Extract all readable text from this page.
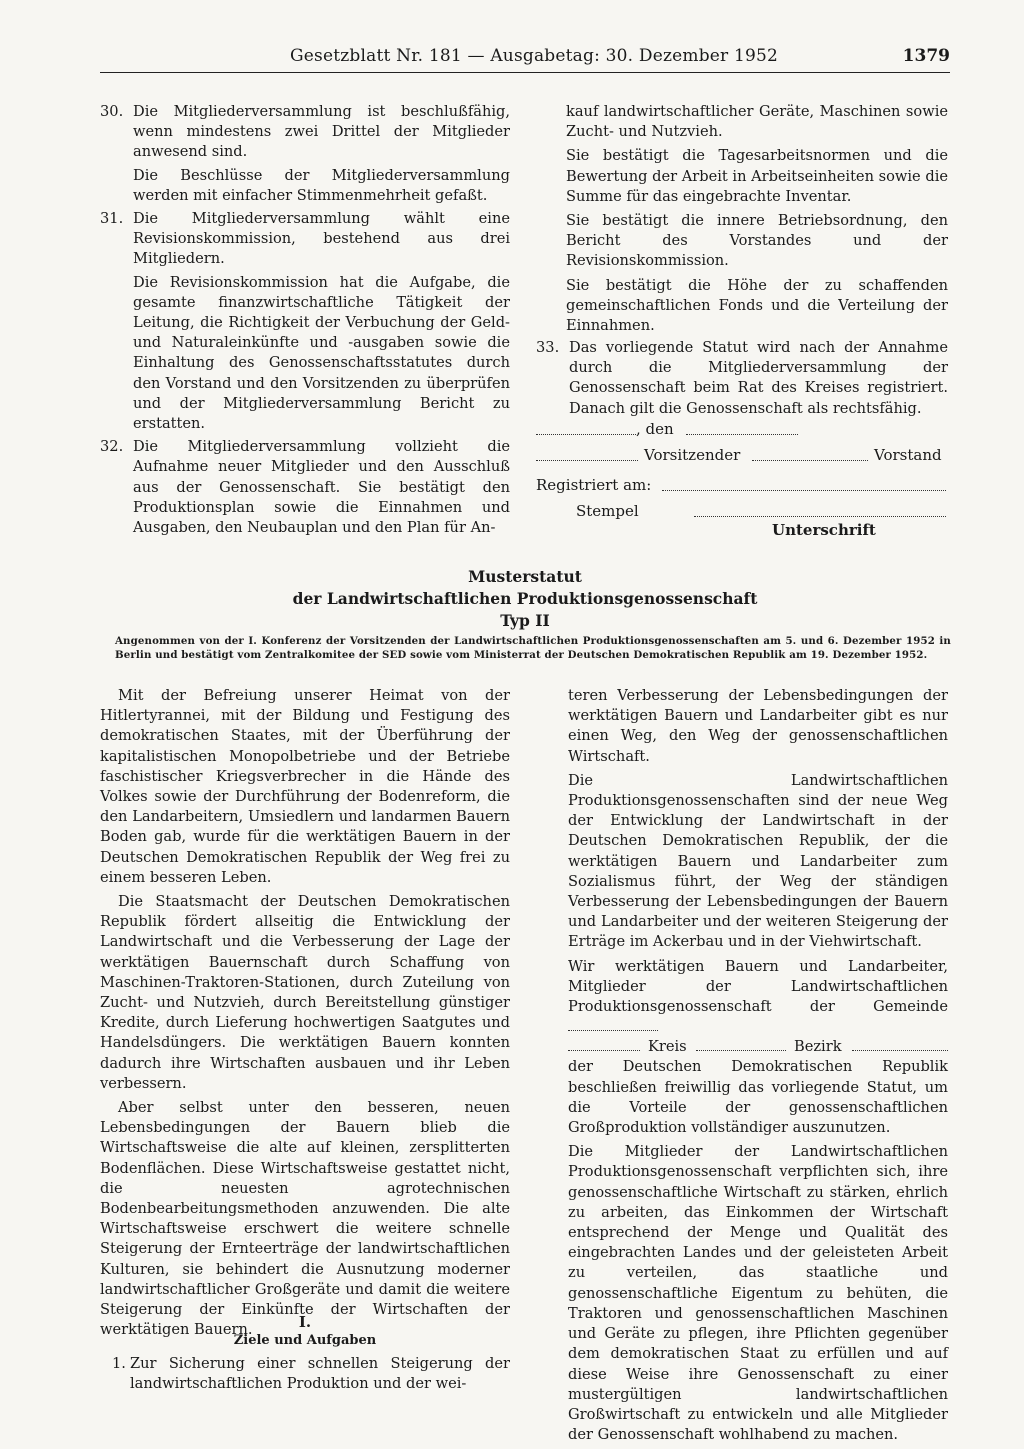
Gesetzblatt Nr. 181 — Ausgabetag: 30. Dezember 1952	1379
30. Die Mitgliederversammlung ist beschlußfähig, wenn mindestens zwei Drittel der Mitglieder anwesend sind.

Die Beschlüsse der Mitgliederversammlung werden mit einfacher Stimmenmehrheit gefaßt.

31. Die Mitgliederversammlung wählt eine Revisionskommission, bestehend aus drei Mitgliedern.

Die Revisionskommission hat die Aufgabe, die gesamte finanzwirtschaftliche Tätigkeit der Leitung, die Richtigkeit der Verbuchung der Geld- und Naturaleinkünfte und -ausgaben sowie die Einhaltung des Genossenschaftsstatutes durch den Vorstand und den Vorsitzenden zu überprüfen und der Mitgliederversammlung Bericht zu erstatten.

32. Die Mitgliederversammlung vollzieht die Aufnahme neuer Mitglieder und den Ausschluß aus der Genossenschaft. Sie bestätigt den Produktionsplan sowie die Einnahmen und Ausgaben, den Neubauplan und den Plan für An-

kauf landwirtschaftlicher Geräte, Maschinen sowie Zucht- und Nutzvieh.

Sie bestätigt die Tagesarbeitsnormen und die Bewertung der Arbeit in Arbeitseinheiten sowie die Summe für das eingebrachte Inventar.

Sie bestätigt die innere Betriebsordnung, den Bericht des Vorstandes und der Revisionskommission.

Sie bestätigt die Höhe der zu schaffenden gemeinschaftlichen Fonds und die Verteilung der Einnahmen.

33. Das vorliegende Statut wird nach der Annahme durch die Mitgliederversammlung der Genossenschaft beim Rat des Kreises registriert. Danach gilt die Genossenschaft als rechtsfähig.

, den
Vorsitzender	Vorstand
Registriert am:
Stempel
Unterschrift
Musterstatut
der Landwirtschaftlichen Produktionsgenossenschaft
Typ II
Angenommen von der I. Konferenz der Vorsitzenden der Landwirtschaftlichen Produktionsgenossenschaften am 5. und 6. Dezember 1952 in Berlin und bestätigt vom Zentralkomitee der SED sowie vom Ministerrat der Deutschen Demokratischen Republik am 19. Dezember 1952.

Mit der Befreiung unserer Heimat von der Hitlertyrannei, mit der Bildung und Festigung des demokratischen Staates, mit der Überführung der kapitalistischen Monopolbetriebe und der Betriebe faschistischer Kriegsverbrecher in die Hände des Volkes sowie der Durchführung der Bodenreform, die den Landarbeitern, Umsiedlern und landarmen Bauern Boden gab, wurde für die werktätigen Bauern in der Deutschen Demokratischen Republik der Weg frei zu einem besseren Leben.

Die Staatsmacht der Deutschen Demokratischen Republik fördert allseitig die Entwicklung der Landwirtschaft und die Verbesserung der Lage der werktätigen Bauernschaft durch Schaffung von Maschinen-Traktoren-Stationen, durch Zuteilung von Zucht- und Nutzvieh, durch Bereitstellung günstiger Kredite, durch Lieferung hochwertigen Saatgutes und Handelsdüngers. Die werktätigen Bauern konnten dadurch ihre Wirtschaften ausbauen und ihr Leben verbessern.

Aber selbst unter den besseren, neuen Lebensbedingungen der Bauern blieb die Wirtschaftsweise die alte auf kleinen, zersplitterten Bodenflächen. Diese Wirtschaftsweise gestattet nicht, die neuesten agrotechnischen Bodenbearbeitungsmethoden anzuwenden. Die alte Wirtschaftsweise erschwert die weitere schnelle Steigerung der Ernteerträge der landwirtschaftlichen Kulturen, sie behindert die Ausnutzung moderner landwirtschaftlicher Großgeräte und damit die weitere Steigerung der Einkünfte der Wirtschaften der werktätigen Bauern.	I.
Ziele und Aufgaben
1. Zur Sicherung einer schnellen Steigerung der landwirtschaftlichen Produktion und der wei-

teren Verbesserung der Lebensbedingungen der werktätigen Bauern und Landarbeiter gibt es nur einen Weg, den Weg der genossenschaftlichen Wirtschaft.

Die Landwirtschaftlichen Produktionsgenossenschaften sind der neue Weg der Entwicklung der Landwirtschaft in der Deutschen Demokratischen Republik, der die werktätigen Bauern und Landarbeiter zum Sozialismus führt, der Weg der ständigen Verbesserung der Lebensbedingungen der Bauern und Landarbeiter und der weiteren Steigerung der Erträge im Ackerbau und in der Viehwirtschaft.

Wir werktätigen Bauern und Landarbeiter, Mitglieder der Landwirtschaftlichen Produktionsgenossenschaft der Gemeinde

Kreis	Bezirk

der Deutschen Demokratischen Republik beschließen freiwillig das vorliegende Statut, um die Vorteile der genossenschaftlichen Großproduktion vollständiger auszunutzen.

Die Mitglieder der Landwirtschaftlichen Produktionsgenossenschaft verpflichten sich, ihre genossenschaftliche Wirtschaft zu stärken, ehrlich zu arbeiten, das Einkommen der Wirtschaft entsprechend der Menge und Qualität des eingebrachten Landes und der geleisteten Arbeit zu verteilen, das staatliche und genossenschaftliche Eigentum zu behüten, die Traktoren und genossenschaftlichen Maschinen und Geräte zu pflegen, ihre Pflichten gegenüber dem demokratischen Staat zu erfüllen und auf diese Weise ihre Genossenschaft zu einer mustergültigen landwirtschaftlichen Großwirtschaft zu entwickeln und alle Mitglieder der Genossenschaft wohlhabend zu machen.
